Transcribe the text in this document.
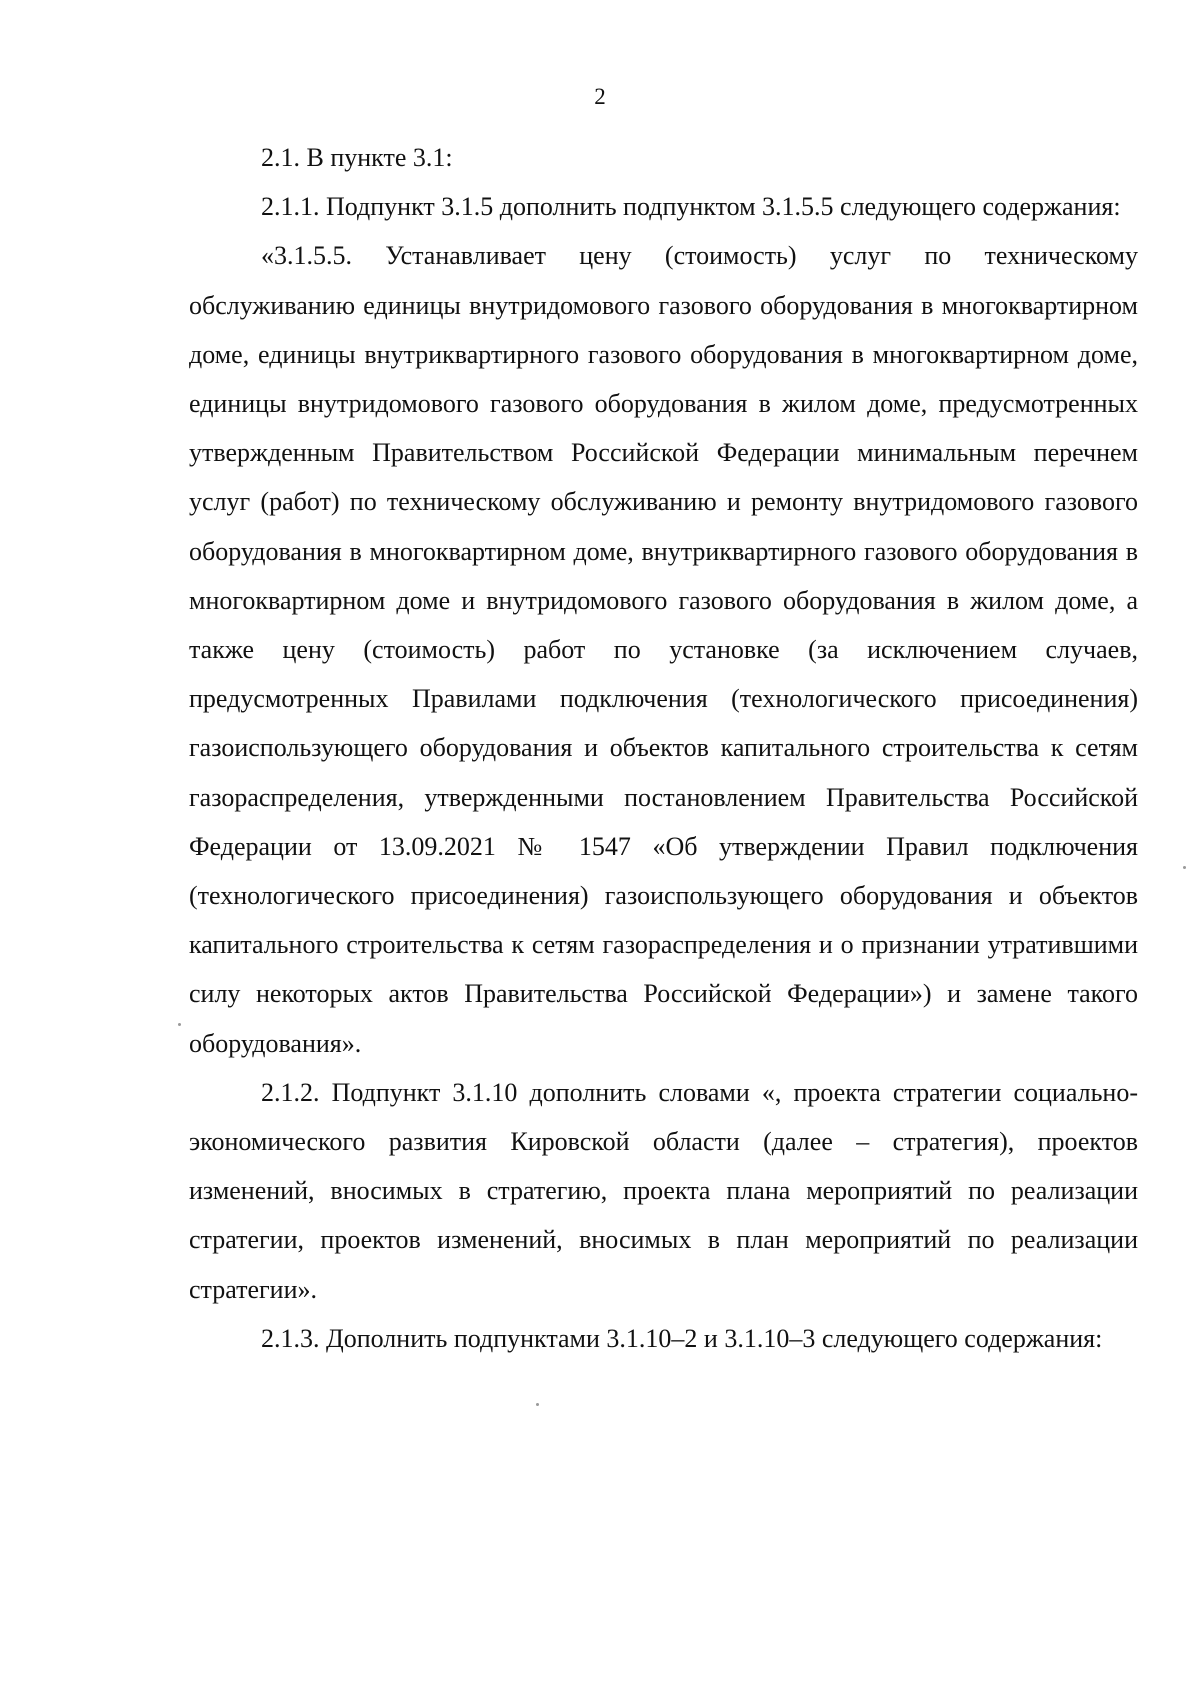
2

2.1. В пункте 3.1:

2.1.1. Подпункт 3.1.5 дополнить подпунктом 3.1.5.5 следующего содержания:

«3.1.5.5. Устанавливает цену (стоимость) услуг по техническому обслуживанию единицы внутридомового газового оборудования в многоквартирном доме, единицы внутриквартирного газового оборудования в многоквартирном доме, единицы внутридомового газового оборудования в жилом доме, предусмотренных утвержденным Правительством Российской Федерации минимальным перечнем услуг (работ) по техническому обслуживанию и ремонту внутридомового газового оборудования в многоквартирном доме, внутриквартирного газового оборудования в многоквартирном доме и внутридомового газового оборудования в жилом доме, а также цену (стоимость) работ по установке (за исключением случаев, предусмотренных Правилами подключения (технологического присоединения) газоиспользующего оборудования и объектов капитального строительства к сетям газораспределения, утвержденными постановлением Правительства Российской Федерации от 13.09.2021 № 1547 «Об утверждении Правил подключения (технологического присоединения) газоиспользующего оборудования и объектов капитального строительства к сетям газораспределения и о признании утратившими силу некоторых актов Правительства Российской Федерации») и замене такого оборудования».

2.1.2. Подпункт 3.1.10 дополнить словами «, проекта стратегии социально-экономического развития Кировской области (далее – стратегия), проектов изменений, вносимых в стратегию, проекта плана мероприятий по реализации стратегии, проектов изменений, вносимых в план мероприятий по реализации стратегии».

2.1.3. Дополнить подпунктами 3.1.10–2 и 3.1.10–3 следующего содержания:
